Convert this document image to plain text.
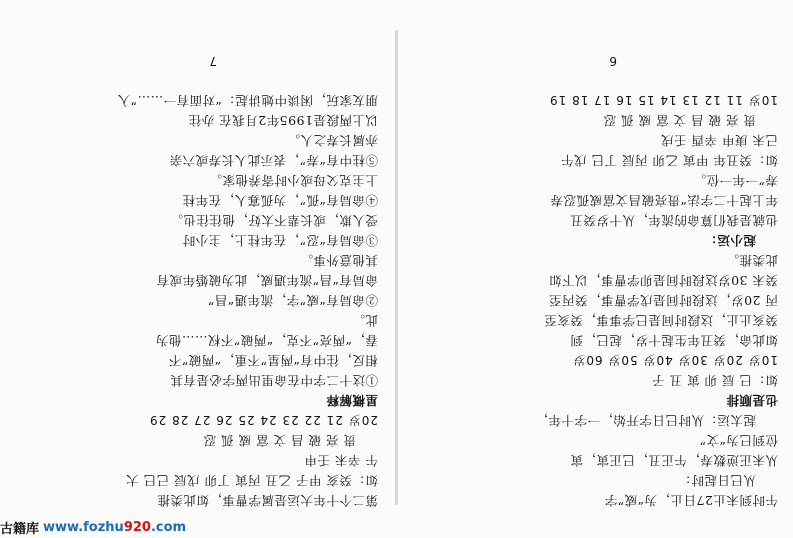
第二个十年大运是属学曹事，如此类推
如：癸亥 甲子 乙丑 丙寅 丁卯 戊辰 己巳 大
午 辛未 壬申
贵 亮 破 昌 文 富 威 孤 忍
20岁 21 22 23 24 25 26 27 28 29
星概解释
①这十二字中在命里出两字必是有其
相反，往中有“两星”不重，“两破”不
春，“两亮”不克，“两破”不权……他为
此。
②命局有“威”字，流年遇“昌”
命局有“昌”流年遇威，此为破婚年或有
其他意外事。
③命局有“忍”，在年柱上，主小时
受人欺，或长辈不太好，他往往也。
④命局有“孤”，为孤寡人，在年柱
上主克父母或小时寄养他家。
⑤柱中有“寿”，表示此人长寿或六亲
亦属长寿之人。
以上两段是1995年2月我在 办往
朋友家玩，闲谈中她讲起：“对面有一……”入
7
午时到未止27日止，为“威”字
从巳日起时：
从未正逆数寿，午正丑，巳正寅，寅
位到巳为“文”
起太运：从时巳日字开始，一字十年，
也是顺排
如：巳 辰 卯 寅 丑 子
10岁 20岁 30岁 40岁 50岁 60岁
如此命，癸丑年生起十岁，起巳，到
癸亥止止，这段时间是巳学事事，癸亥至
丙 20岁，这段时间是戊学曹事，癸丙至
癸未 30岁这段时间是卯学曹事，以下如
此类推。
起小运：
也就是我们算命的流年，从十岁癸丑
年上起十二字法“贵亮破昌文富威孤忍寿
寿”一年一位。
如：癸丑年 甲寅 乙卯 丙辰 丁巳 戊午
己未 庚申 辛酉 壬戌
贵 亮 破 昌 文 富 威 孤 忍
10岁 11 12 13 14 15 16 17 18 19
6
古籍库 www.fozhu920.com
